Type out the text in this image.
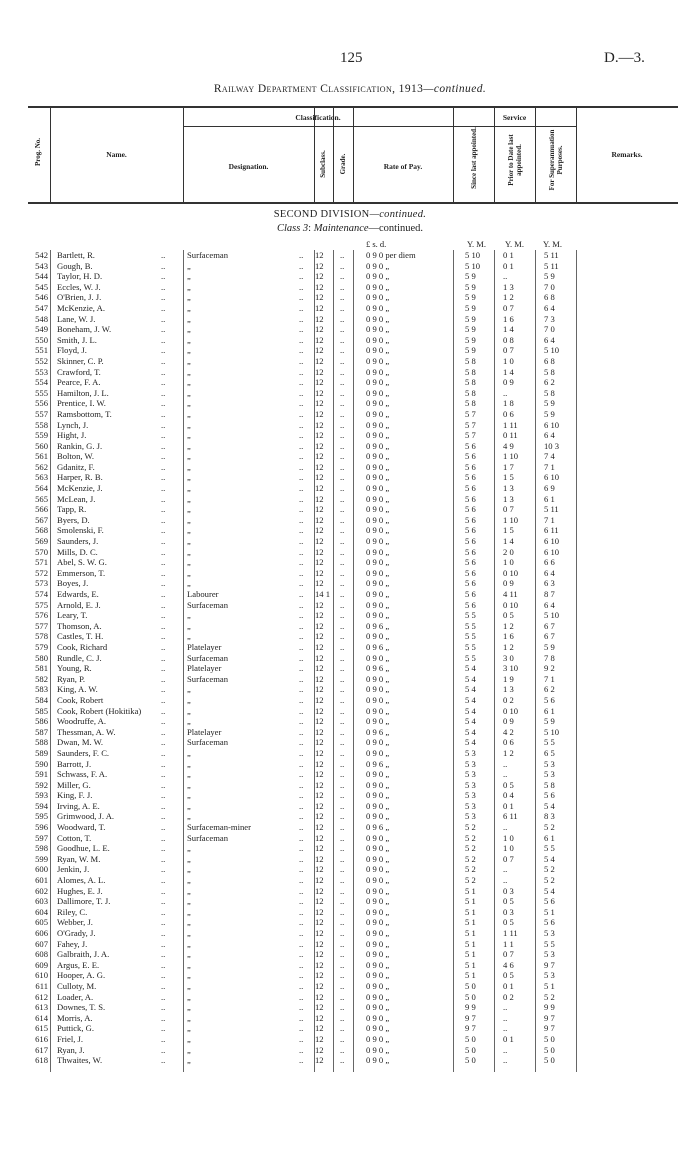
125	D.—3.
Railway Department Classification, 1913—continued.
Prog. No.	Name.
Classification.
Designation.	Subclass. Grade.	Rate of Pay.
Service
Since last appointed.	Prior to Date last appointed.	For Superannuation Purposes.	Remarks.
SECOND DIVISION—continued.
Class 3: Maintenance—continued.
£ s. d.	Y. M. Y. M. Y. M.
542 Bartlett, R.	Surfaceman	12	0 9 0 per diem	5 10	0 1	5 11
..	..	..
543 Gough, B.	„	12	0 9 0 „	5 10	0 1	5 11
..	..	..
544 Taylor, H. D.	„	12	0 9 0 „	5 9	..	5 9
..	..	..
545 Eccles, W. J.	„	12	0 9 0 „	5 9	1 3	7 0
..	..	..
546 O'Brien, J. J.	„	12	0 9 0 „	5 9	1 2	6 8
..	..	..
547 McKenzie, A.	„	12	0 9 0 „	5 9	0 7	6 4
..	..	..
548 Lane, W. J.	„	12	0 9 0 „	5 9	1 6	7 3
..	..	..
549 Boneham, J. W.	„	12	0 9 0 „	5 9	1 4	7 0
..	..	..
550 Smith, J. L.	„	12	0 9 0 „	5 9	0 8	6 4
..	..	..
551 Floyd, J.	„	12	0 9 0 „	5 9	0 7	5 10
..	..	..
552 Skinner, C. P.	„	12	0 9 0 „	5 8	1 0	6 8
..	..	..
553 Crawford, T.	„	12	0 9 0 „	5 8	1 4	5 8
..	..	..
554 Pearce, F. A.	„	12	0 9 0 „	5 8	0 9	6 2
..	..	..
555 Hamilton, J. L.	„	12	0 9 0 „	5 8	..	5 8
..	..	..
556 Prentice, I. W.	„	12	0 9 0 „	5 8	1 8	5 9
..	..	..
557 Ramsbottom, T.	„	12	0 9 0 „	5 7	0 6	5 9
..	..	..
558 Lynch, J.	„	12	0 9 0 „	5 7	1 11	6 10
..	..	..
559 Hight, J.	„	12	0 9 0 „	5 7	0 11	6 4
..	..	..
560 Rankin, G. J.	„	12	0 9 0 „	5 6	4 9	10 3
..	..	..
561 Bolton, W.	„	12	0 9 0 „	5 6	1 10	7 4
..	..	..
562 Gdanitz, F.	„	12	0 9 0 „	5 6	1 7	7 1
..	..	..
563 Harper, R. B.	„	12	0 9 0 „	5 6	1 5	6 10
..	..	..
564 McKenzie, J.	„	12	0 9 0 „	5 6	1 3	6 9
..	..	..
565 McLean, J.	„	12	0 9 0 „	5 6	1 3	6 1
..	..	..
566 Tapp, R.	„	12	0 9 0 „	5 6	0 7	5 11
..	..	..
567 Byers, D.	„	12	0 9 0 „	5 6	1 10	7 1
..	..	..
568 Smolenski, F.	„	12	0 9 0 „	5 6	1 5	6 11
..	..	..
569 Saunders, J.	„	12	0 9 0 „	5 6	1 4	6 10
..	..	..
570 Mills, D. C.	„	12	0 9 0 „	5 6	2 0	6 10
..	..	..
571 Abel, S. W. G.	„	12	0 9 0 „	5 6	1 0	6 6
..	..	..
572 Emmerson, T.	„	12	0 9 0 „	5 6	0 10	6 4
..	..	..
573 Boyes, J.	„	12	0 9 0 „	5 6	0 9	6 3
..	..	..
574 Edwards, E.	Labourer	14 1	0 9 0 „	5 6	4 11	8 7
..	..	..
575 Arnold, E. J.	Surfaceman	12	0 9 0 „	5 6	0 10	6 4
..	..	..
576 Leary, T.	„	12	0 9 0 „	5 5	0 5	5 10
..	..	..
577 Thomson, A.	„	12	0 9 6 „	5 5	1 2	6 7
..	..	..
578 Castles, T. H.	„	12	0 9 0 „	5 5	1 6	6 7
..	..	..
579 Cook, Richard	Platelayer	12	0 9 6 „	5 5	1 2	5 9
..	..	..
580 Rundle, C. J.	Surfaceman	12	0 9 0 „	5 5	3 0	7 8
..	..	..
581 Young, R.	Platelayer	12	0 9 6 „	5 4	3 10	9 2
..	..	..
582 Ryan, P.	Surfaceman	12	0 9 0 „	5 4	1 9	7 1
..	..	..
583 King, A. W.	„	12	0 9 0 „	5 4	1 3	6 2
..	..	..
584 Cook, Robert	„	12	0 9 0 „	5 4	0 2	5 6
..	..	..
585 Cook, Robert (Hokitika)	„	12	0 9 0 „	5 4	0 10	6 1
..	..	..
586 Woodruffe, A.	„	12	0 9 0 „	5 4	0 9	5 9
..	..	..
587 Thessman, A. W.	Platelayer	12	0 9 6 „	5 4	4 2	5 10
..	..	..
588 Dwan, M. W.	Surfaceman	12	0 9 0 „	5 4	0 6	5 5
..	..	..
589 Saunders, F. C.	„	12	0 9 0 „	5 3	1 2	6 5
..	..	..
590 Barrott, J.	„	12	0 9 6 „	5 3	..	5 3
..	..	..
591 Schwass, F. A.	„	12	0 9 0 „	5 3	..	5 3
..	..	..
592 Miller, G.	„	12	0 9 0 „	5 3	0 5	5 8
..	..	..
593 King, F. J.	„	12	0 9 0 „	5 3	0 4	5 6
..	..	..
594 Irving, A. E.	„	12	0 9 0 „	5 3	0 1	5 4
..	..	..
595 Grimwood, J. A.	„	12	0 9 0 „	5 3	6 11	8 3
..	..	..
596 Woodward, T.	Surfaceman-miner	12	0 9 6 „	5 2	..	5 2
..	..	..
597 Cotton, T.	Surfaceman	12	0 9 0 „	5 2	1 0	6 1
..	..	..
598 Goodhue, L. E.	„	12	0 9 0 „	5 2	1 0	5 5
..	..	..
599 Ryan, W. M.	„	12	0 9 0 „	5 2	0 7	5 4
..	..	..
600 Jenkin, J.	„	12	0 9 0 „	5 2	..	5 2
..	..	..
601 Alomes, A. L.	„	12	0 9 0 „	5 2	..	5 2
..	..	..
602 Hughes, E. J.	„	12	0 9 0 „	5 1	0 3	5 4
..	..	..
603 Dallimore, T. J.	„	12	0 9 0 „	5 1	0 5	5 6
..	..	..
604 Riley, C.	„	12	0 9 0 „	5 1	0 3	5 1
..	..	..
605 Webber, J.	„	12	0 9 0 „	5 1	0 5	5 6
..	..	..
606 O'Grady, J.	„	12	0 9 0 „	5 1	1 11	5 3
..	..	..
607 Fahey, J.	„	12	0 9 0 „	5 1	1 1	5 5
..	..	..
608 Galbraith, J. A.	„	12	0 9 0 „	5 1	0 7	5 3
..	..	..
609 Argus, E. E.	„	12	0 9 0 „	5 1	4 6	9 7
..	..	..
610 Hooper, A. G.	„	12	0 9 0 „	5 1	0 5	5 3
..	..	..
611 Culloty, M.	„	12	0 9 0 „	5 0	0 1	5 1
..	..	..
612 Loader, A.	„	12	0 9 0 „	5 0	0 2	5 2
..	..	..
613 Downes, T. S.	„	12	0 9 0 „	9 9	..	9 9
..	..	..
614 Morris, A.	„	12	0 9 0 „	9 7	..	9 7
..	..	..
615 Puttick, G.	„	12	0 9 0 „	9 7	..	9 7
..	..	..
616 Friel, J.	„	12	0 9 0 „	5 0	0 1	5 0
..	..	..
617 Ryan, J.	„	12	0 9 0 „	5 0	..	5 0
..	..	..
618 Thwaites, W.	„	12	0 9 0 „	5 0	..	5 0
..	..	..
